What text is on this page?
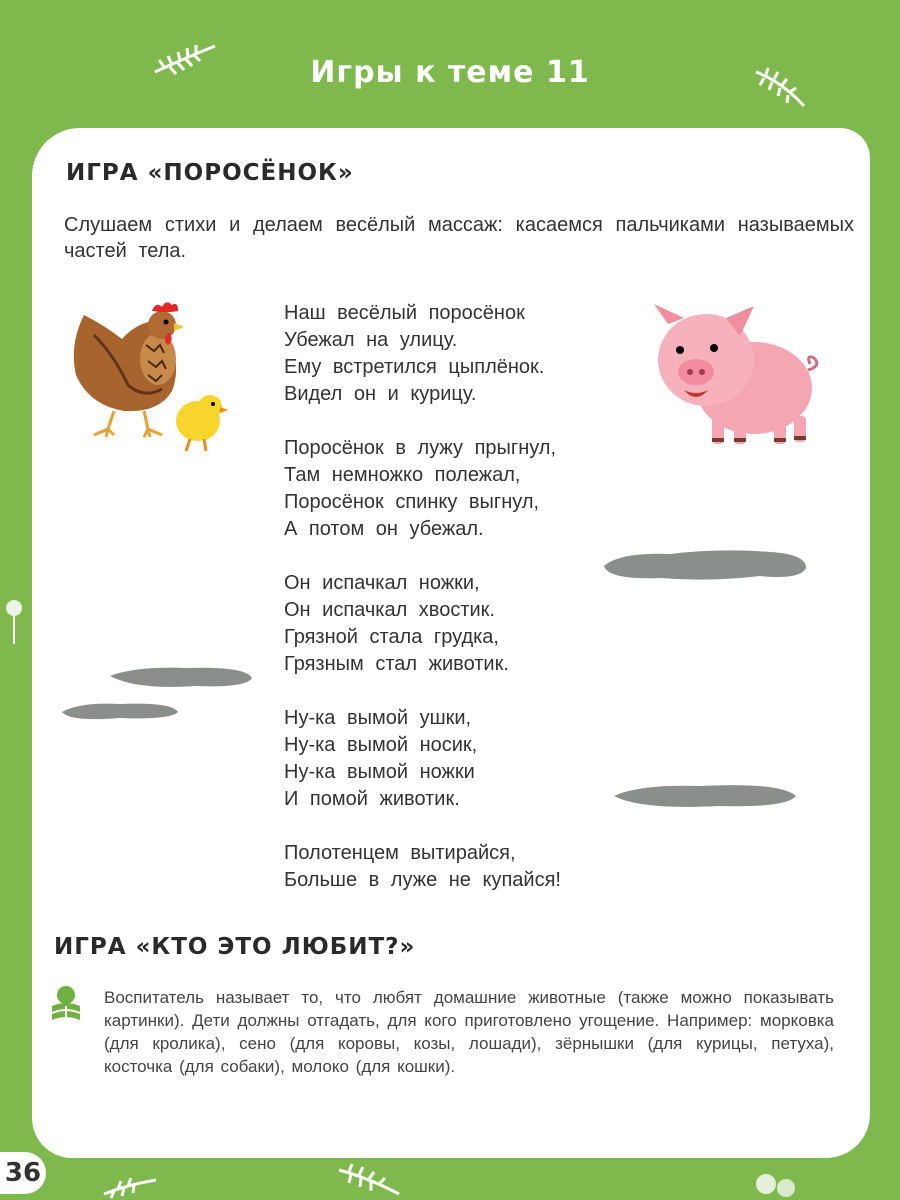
Игры к теме 11
ИГРА «ПОРОСЁНОК»
Слушаем стихи и делаем весёлый массаж: касаемся пальчиками называемых частей тела.
Наш весёлый поросёнок
Убежал на улицу.
Ему встретился цыплёнок.
Видел он и курицу.
Поросёнок в лужу прыгнул,
Там немножко полежал,
Поросёнок спинку выгнул,
А потом он убежал.
Он испачкал ножки,
Он испачкал хвостик.
Грязной стала грудка,
Грязным стал животик.
Ну-ка вымой ушки,
Ну-ка вымой носик,
Ну-ка вымой ножки
И помой животик.
Полотенцем вытирайся,
Больше в луже не купайся!
ИГРА «КТО ЭТО ЛЮБИТ?»
Воспитатель называет то, что любят домашние животные (также можно показывать картинки). Дети должны отгадать, для кого приготовлено угощение. Например: морковка (для кролика), сено (для коровы, козы, лошади), зёрнышки (для курицы, петуха), косточка (для собаки), молоко (для кошки).
36
